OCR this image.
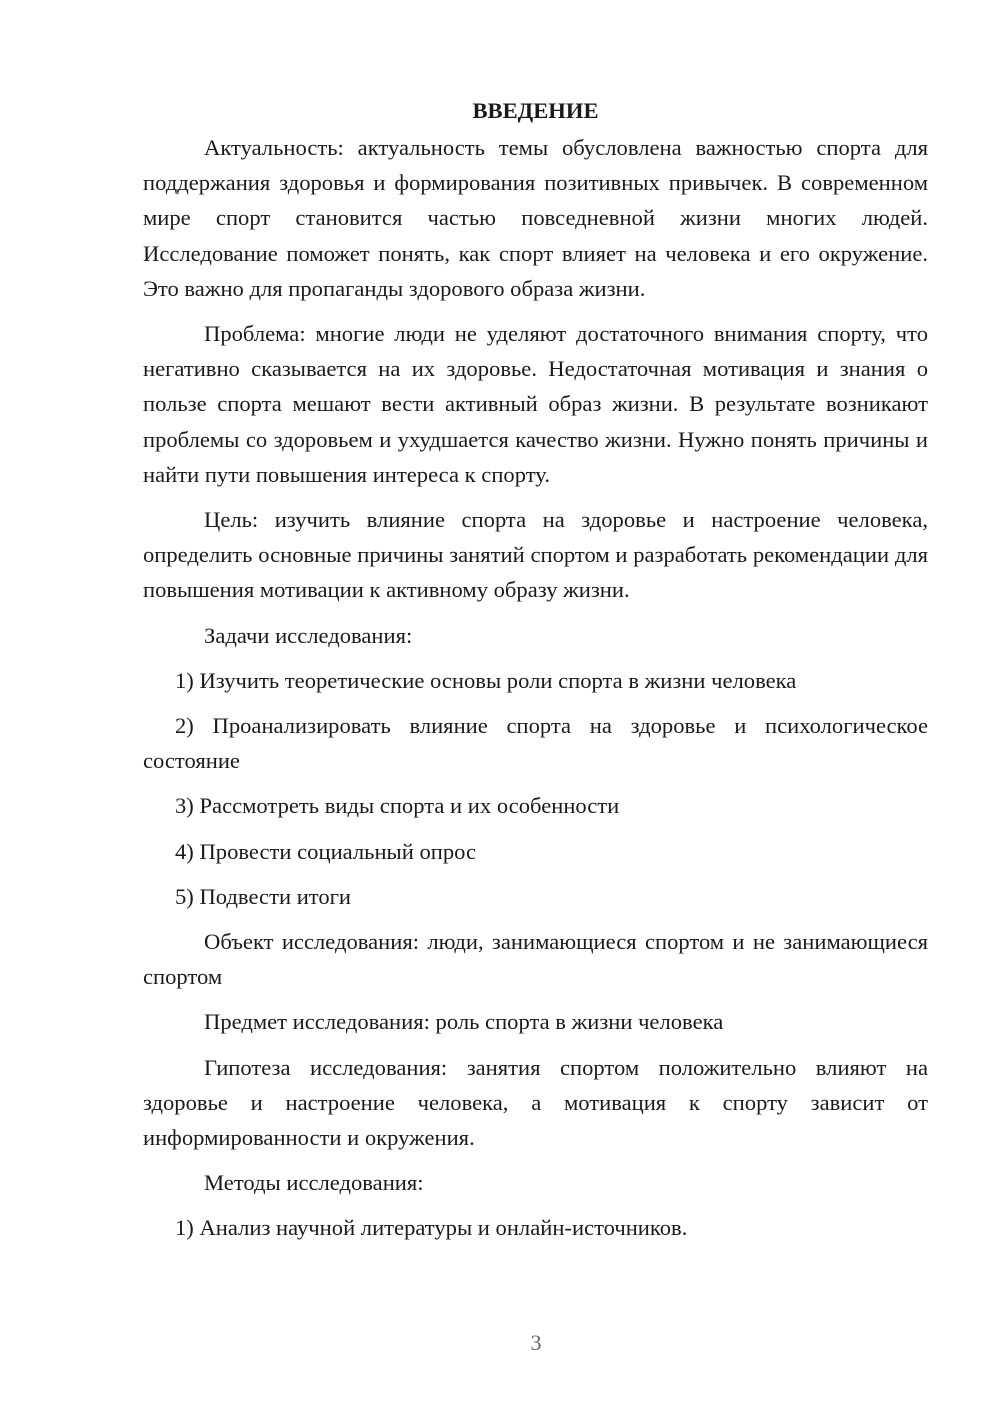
ВВЕДЕНИЕ

Актуальность: актуальность темы обусловлена важностью спорта для поддержания здоровья и формирования позитивных привычек. В современном мире спорт становится частью повседневной жизни многих людей. Исследование поможет понять, как спорт влияет на человека и его окружение. Это важно для пропаганды здорового образа жизни.

Проблема: многие люди не уделяют достаточного внимания спорту, что негативно сказывается на их здоровье. Недостаточная мотивация и знания о пользе спорта мешают вести активный образ жизни. В результате возникают проблемы со здоровьем и ухудшается качество жизни. Нужно понять причины и найти пути повышения интереса к спорту.

Цель: изучить влияние спорта на здоровье и настроение человека, определить основные причины занятий спортом и разработать рекомендации для повышения мотивации к активному образу жизни.

Задачи исследования:

1) Изучить теоретические основы роли спорта в жизни человека

2) Проанализировать влияние спорта на здоровье и психологическое состояние

3) Рассмотреть виды спорта и их особенности

4) Провести социальный опрос

5) Подвести итоги

Объект исследования: люди, занимающиеся спортом и не занимающиеся спортом

Предмет исследования: роль спорта в жизни человека

Гипотеза исследования: занятия спортом положительно влияют на здоровье и настроение человека, а мотивация к спорту зависит от информированности и окружения.

Методы исследования:

1) Анализ научной литературы и онлайн-источников.

3
